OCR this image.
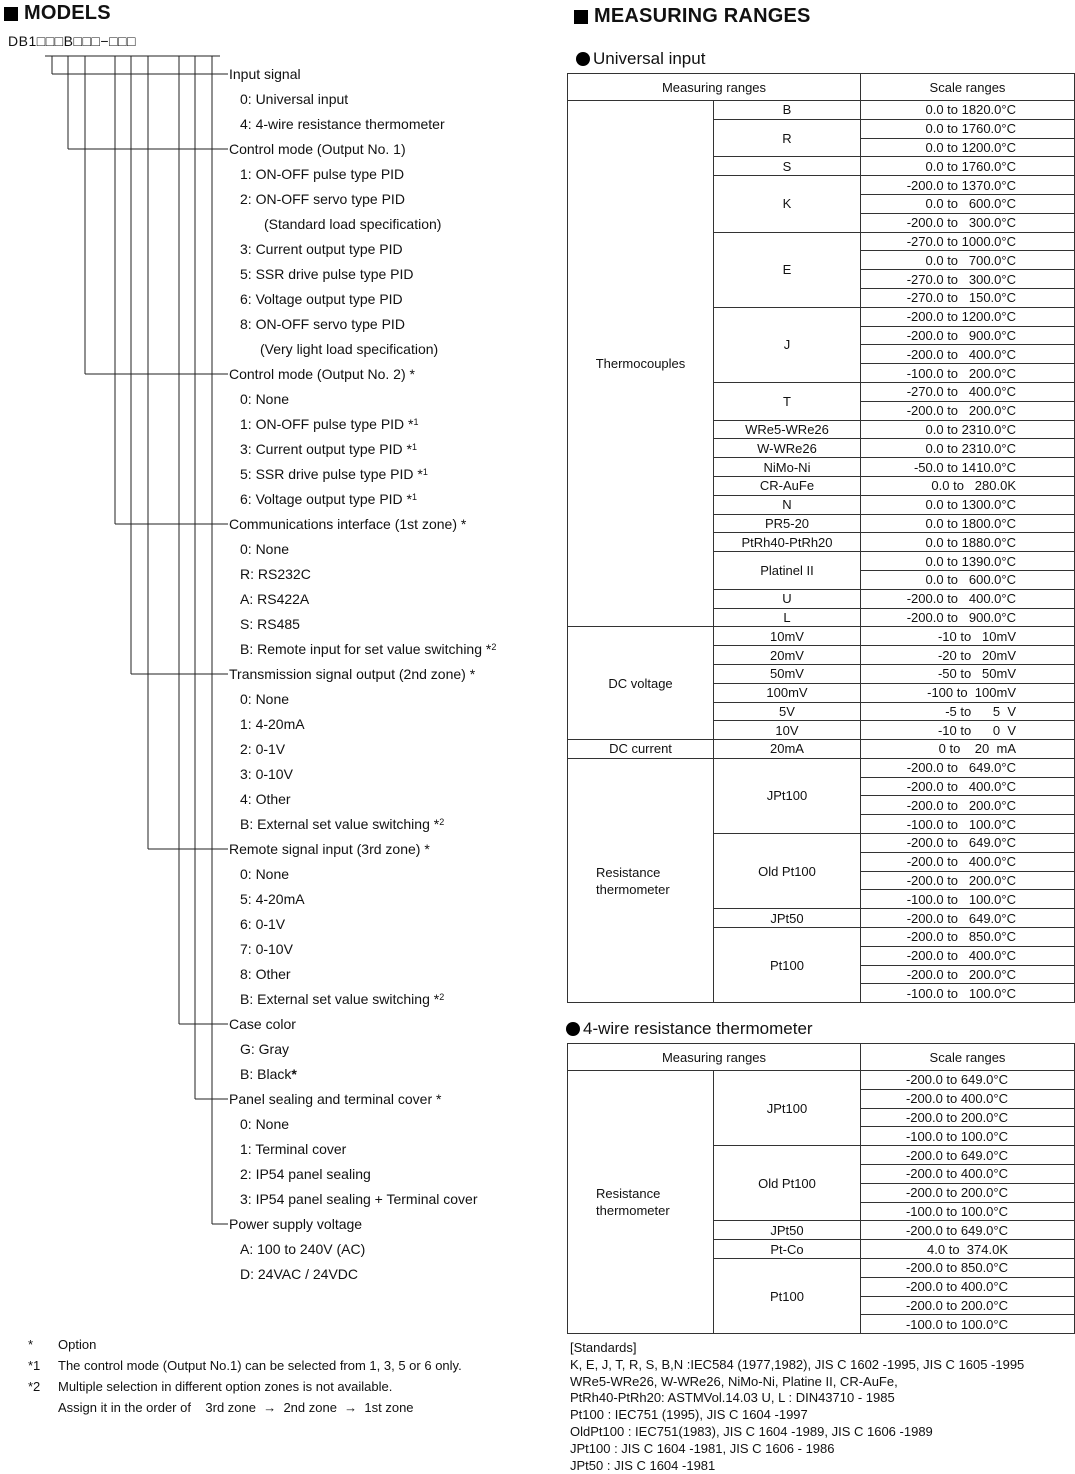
MODELS
DB1□□□B□□□−□□□
Input signal
0: Universal input
4: 4-wire resistance thermometer
Control mode (Output No. 1)
1: ON-OFF pulse type PID
2: ON-OFF servo type PID
(Standard load specification)
3: Current output type PID
5: SSR drive pulse type PID
6: Voltage output type PID
8: ON-OFF servo type PID
(Very light load specification)
Control mode (Output No. 2) *
0: None
1: ON-OFF pulse type PID *$^1$
3: Current output type PID *$^1$
5: SSR drive pulse type PID *$^1$
6: Voltage output type PID *$^1$
Communications interface (1st zone) *
0: None
R: RS232C
A: RS422A
S: RS485
B: Remote input for set value switching *$^2$
Transmission signal output (2nd zone) *
0: None
1: 4-20mA
2: 0-1V
3: 0-10V
4: Other
B: External set value switching *$^2$
Remote signal input (3rd zone) *
0: None
5: 4-20mA
6: 0-1V
7: 0-10V
8: Other
B: External set value switching *$^2$
Case color
G: Gray
B: Black*
Panel sealing and terminal cover *
0: None
1: Terminal cover
2: IP54 panel sealing
3: IP54 panel sealing + Terminal cover
Power supply voltage
A: 100 to 240V (AC)
D: 24VAC / 24VDC
* Option
*1 The control mode (Output No.1) can be selected from 1, 3, 5 or 6 only.
*2 Multiple selection in different option zones is not available.
Assign it in the order of    3rd zone  →  2nd zone  →  1st zone
MEASURING RANGES
Universal input
Measuring ranges		Scale ranges
Thermocouples	B	0.0 to 1820.0°C
	R	0.0 to 1760.0°C
		0.0 to 1200.0°C
	S	0.0 to 1760.0°C
	K	-200.0 to 1370.0°C
		0.0 to   600.0°C
		-200.0 to   300.0°C
	E	-270.0 to 1000.0°C
		0.0 to   700.0°C
		-270.0 to   300.0°C
		-270.0 to   150.0°C
	J	-200.0 to 1200.0°C
		-200.0 to   900.0°C
		-200.0 to   400.0°C
		-100.0 to   200.0°C
	T	-270.0 to   400.0°C
		-200.0 to   200.0°C
	WRe5-WRe26	0.0 to 2310.0°C
	W-WRe26	0.0 to 2310.0°C
	NiMo-Ni	-50.0 to 1410.0°C
	CR-AuFe	0.0 to   280.0K
	N	0.0 to 1300.0°C
	PR5-20	0.0 to 1800.0°C
	PtRh40-PtRh20	0.0 to 1880.0°C
	Platinel II	0.0 to 1390.0°C
		0.0 to   600.0°C
	U	-200.0 to   400.0°C
	L	-200.0 to   900.0°C
DC voltage	10mV	-10 to   10mV
	20mV	-20 to   20mV
	50mV	-50 to   50mV
	100mV	-100 to  100mV
	5V	-5 to      5  V
	10V	-10 to      0  V
DC current	20mA	0 to    20  mA
Resistance
thermometer	JPt100	-200.0 to   649.0°C
		-200.0 to   400.0°C
		-200.0 to   200.0°C
		-100.0 to   100.0°C
	Old Pt100	-200.0 to   649.0°C
		-200.0 to   400.0°C
		-200.0 to   200.0°C
		-100.0 to   100.0°C
	JPt50	-200.0 to   649.0°C
	Pt100	-200.0 to   850.0°C
		-200.0 to   400.0°C
		-200.0 to   200.0°C
		-100.0 to   100.0°C
4-wire resistance thermometer
Measuring ranges		Scale ranges
Resistance
thermometer	JPt100	-200.0 to 649.0°C
		-200.0 to 400.0°C
		-200.0 to 200.0°C
		-100.0 to 100.0°C
	Old Pt100	-200.0 to 649.0°C
		-200.0 to 400.0°C
		-200.0 to 200.0°C
		-100.0 to 100.0°C
	JPt50	-200.0 to 649.0°C
	Pt-Co	4.0 to  374.0K
	Pt100	-200.0 to 850.0°C
		-200.0 to 400.0°C
		-200.0 to 200.0°C
		-100.0 to 100.0°C
[Standards]
K, E, J, T, R, S, B,N :IEC584 (1977,1982), JIS C 1602 -1995, JIS C 1605 -1995
WRe5-WRe26, W-WRe26, NiMo-Ni, Platine II, CR-AuFe,
PtRh40-PtRh20: ASTMVol.14.03 U, L : DIN43710 - 1985
Pt100 : IEC751 (1995), JIS C 1604 -1997
OldPt100 : IEC751(1983), JIS C 1604 -1989, JIS C 1606 -1989
JPt100 : JIS C 1604 -1981, JIS C 1606 - 1986
JPt50 : JIS C 1604 -1981
